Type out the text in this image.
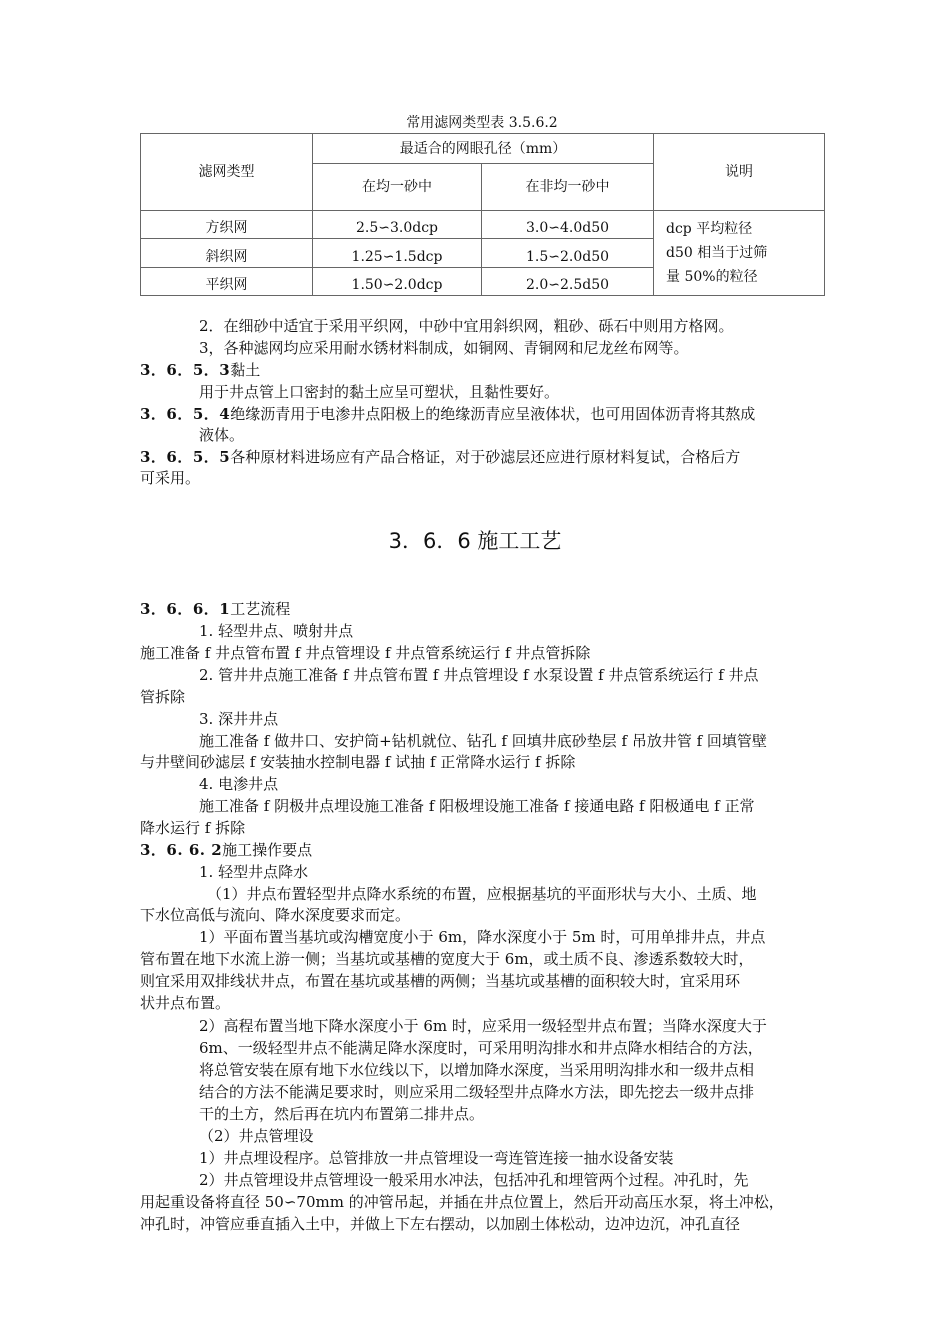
常用滤网类型表 3.5.6.2
滤网类型	最适合的网眼孔径（mm）		说明
	在均一砂中	在非均一砂中	
方织网	2.5∽3.0dcp	3.0∽4.0d50	dcp 平均粒径
d50 相当于过筛
量 50%的粒径

斜织网	1.25∽1.5dcp	1.5∽2.0d50	
平织网	1.50∽2.0dcp	2.0∽2.5d50	
2．在细砂中适宜于采用平织网，中砂中宜用斜织网，粗砂、砾石中则用方格网。
3，各种滤网均应采用耐水锈材料制成，如铜网、青铜网和尼龙丝布网等。
3．6．5．3黏土
用于井点管上口密封的黏土应呈可塑状，且黏性要好。
3．6．5．4绝缘沥青用于电渗井点阳极上的绝缘沥青应呈液体状，也可用固体沥青将其熬成
液体。
3．6．5．5各种原材料进场应有产品合格证，对于砂滤层还应进行原材料复试，合格后方
可采用。
3．6．6 施工工艺
3．6．6．1工艺流程
1. 轻型井点、喷射井点
施工准备 f 井点管布置 f 井点管埋设 f 井点管系统运行 f 井点管拆除
2. 管井井点施工准备 f 井点管布置 f 井点管埋设 f 水泵设置 f 井点管系统运行 f 井点
管拆除
3. 深井井点
施工准备 f 做井口、安护筒+钻机就位、钻孔 f 回填井底砂垫层 f 吊放井管 f 回填管壁
与井壁间砂滤层 f 安装抽水控制电器 f 试抽 f 正常降水运行 f 拆除
4. 电渗井点
施工准备 f 阴极井点埋设施工准备 f 阳极埋设施工准备 f 接通电路 f 阳极通电 f 正常
降水运行 f 拆除
3．6. 6. 2施工操作要点
1. 轻型井点降水
（1）井点布置轻型井点降水系统的布置，应根据基坑的平面形状与大小、土质、地
下水位高低与流向、降水深度要求而定。
1）平面布置当基坑或沟槽宽度小于 6m，降水深度小于 5m 时，可用单排井点，井点
管布置在地下水流上游一侧；当基坑或基槽的宽度大于 6m，或土质不良、渗透系数较大时，
则宜采用双排线状井点，布置在基坑或基槽的两侧；当基坑或基槽的面积较大时，宜采用环
状井点布置。
2）高程布置当地下降水深度小于 6m 时，应采用一级轻型井点布置；当降水深度大于
6m、一级轻型井点不能满足降水深度时，可采用明沟排水和井点降水相结合的方法，
将总管安装在原有地下水位线以下，以增加降水深度，当采用明沟排水和一级井点相
结合的方法不能满足要求时，则应采用二级轻型井点降水方法，即先挖去一级井点排
干的土方，然后再在坑内布置第二排井点。
（2）井点管埋设
1）井点埋设程序。总管排放一井点管埋设一弯连管连接一抽水设备安装
2）井点管埋设井点管埋设一般采用水冲法，包括冲孔和埋管两个过程。冲孔时，先
用起重设备将直径 50∽70mm 的冲管吊起，并插在井点位置上，然后开动高压水泵，将土冲松，
冲孔时，冲管应垂直插入土中，并做上下左右摆动，以加剧土体松动，边冲边沉，冲孔直径
